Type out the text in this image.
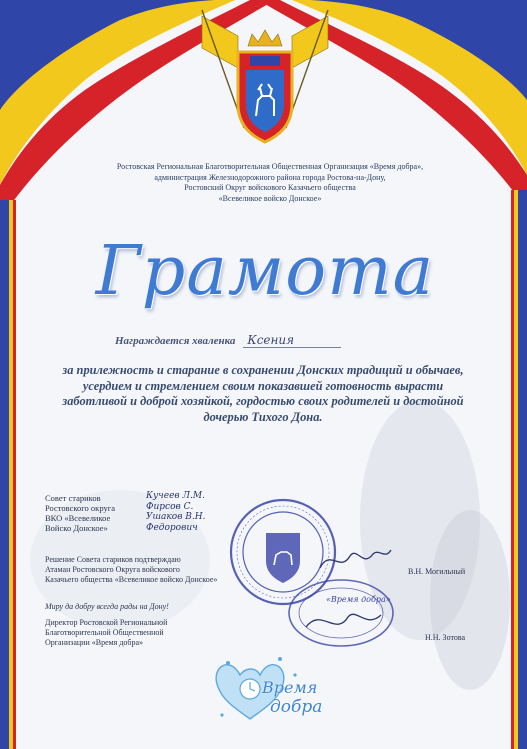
Ростовская Региональная Благотворительная Общественная Организация «Время добра»,
администрация Железнодорожного района города Ростова-на-Дону,
Ростовский Округ войскового Казачьего общества
«Всевеликое войско Донское»
Грамота
Награждается хваленка Ксения
за прилежность и старание в сохранении Донских традиций и обычаев,
усердием и стремлением своим показавшей готовность вырасти
заботливой и доброй хозяйкой, гордостью своих родителей и достойной
дочерью Тихого Дона.
Совет стариков
Ростовского округа
ВКО «Всевеликое
Войско Донское»
Кучеев Л.М.
Фирсов С.
Ушаков В.Н.
Федорович
Решение Совета стариков подтверждаю
Атаман Ростовского Округа войскового
Казачьего общества «Всевеликое войско Донское»
В.Н. Могильный
Миру да добру всегда рады на Дону!
Директор Ростовской Региональной
Благотворительной Общественной
Организации «Время добра»
«Время добра»
Н.Н. Зотова
Время
добра
